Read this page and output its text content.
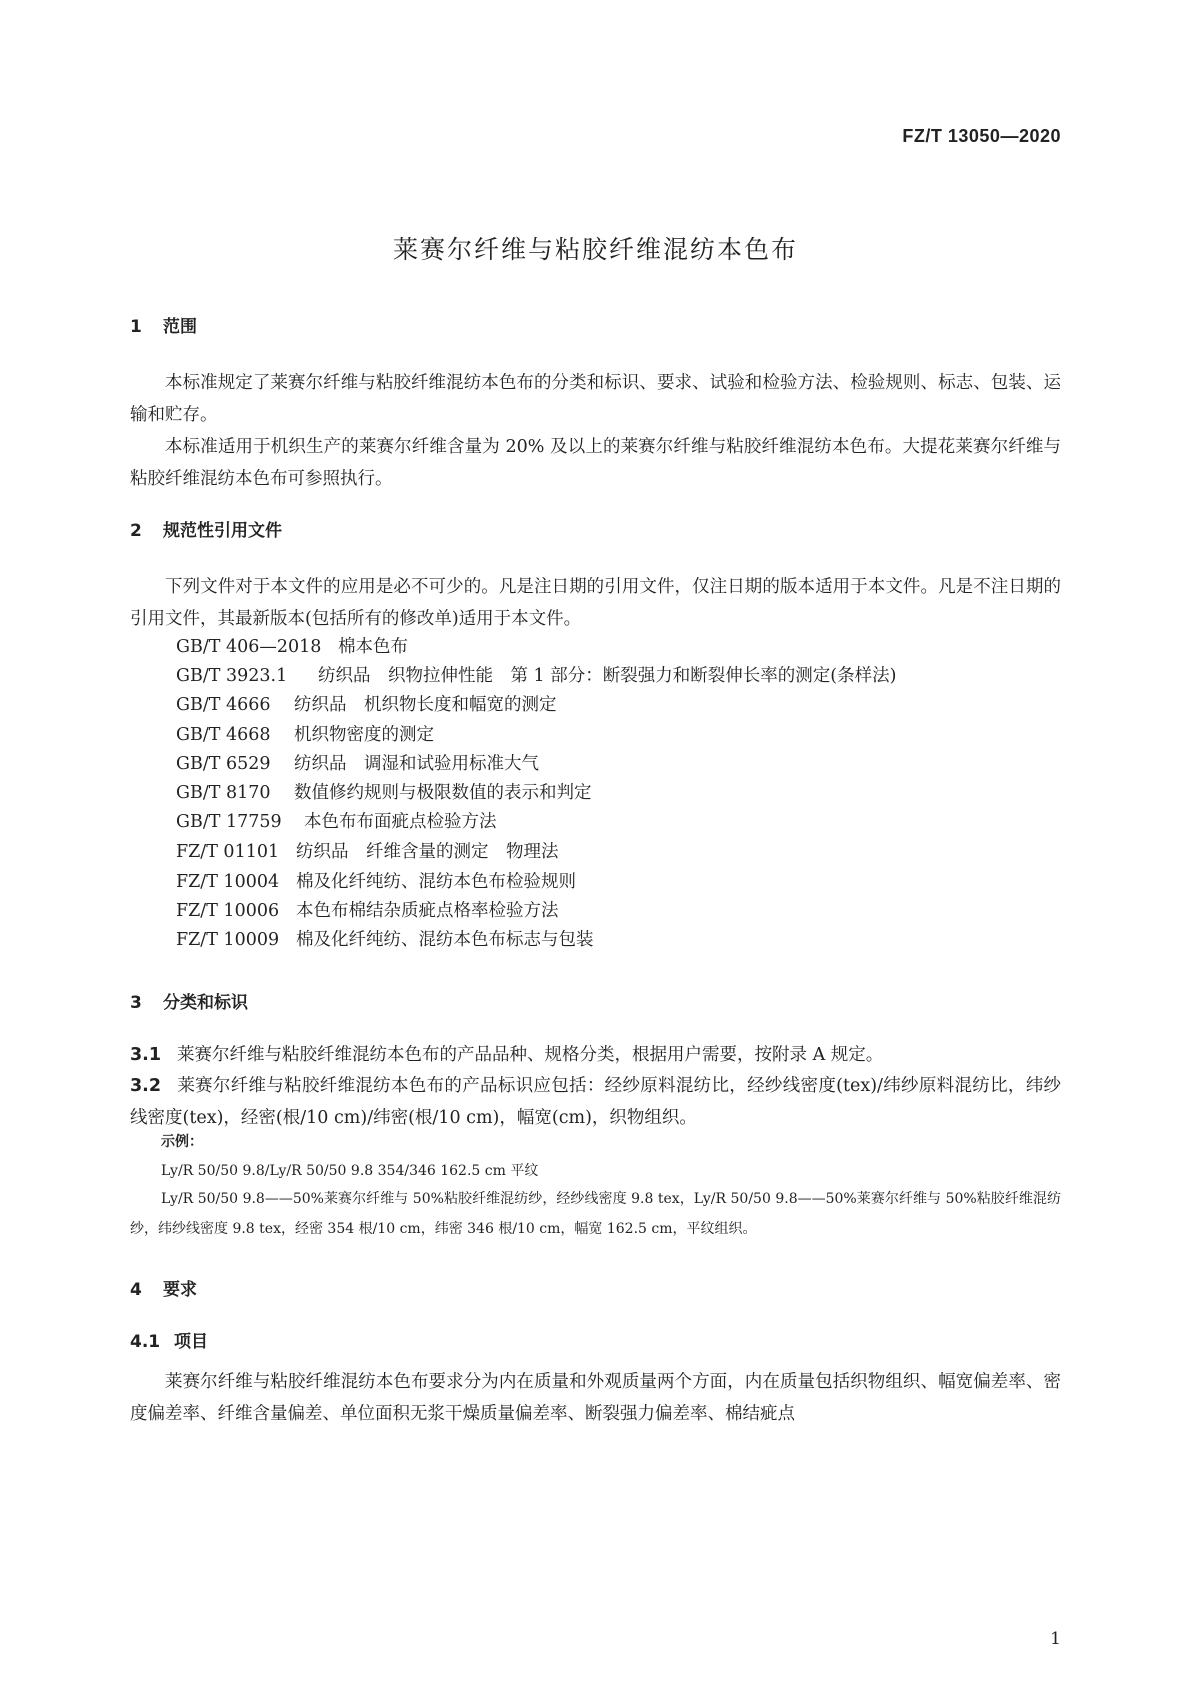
FZ/T 13050—2020
莱赛尔纤维与粘胶纤维混纺本色布
1 范围
本标准规定了莱赛尔纤维与粘胶纤维混纺本色布的分类和标识、要求、试验和检验方法、检验规则、标志、包装、运输和贮存。
本标准适用于机织生产的莱赛尔纤维含量为 20% 及以上的莱赛尔纤维与粘胶纤维混纺本色布。大提花莱赛尔纤维与粘胶纤维混纺本色布可参照执行。
2 规范性引用文件
下列文件对于本文件的应用是必不可少的。凡是注日期的引用文件，仅注日期的版本适用于本文件。凡是不注日期的引用文件，其最新版本(包括所有的修改单)适用于本文件。
GB/T 406—2018 棉本色布
GB/T 3923.1 纺织品　织物拉伸性能　第 1 部分：断裂强力和断裂伸长率的测定(条样法)
GB/T 4666 纺织品　机织物长度和幅宽的测定
GB/T 4668 机织物密度的测定
GB/T 6529 纺织品　调湿和试验用标准大气
GB/T 8170 数值修约规则与极限数值的表示和判定
GB/T 17759 本色布布面疵点检验方法
FZ/T 01101 纺织品　纤维含量的测定　物理法
FZ/T 10004 棉及化纤纯纺、混纺本色布检验规则
FZ/T 10006 本色布棉结杂质疵点格率检验方法
FZ/T 10009 棉及化纤纯纺、混纺本色布标志与包装
3 分类和标识
3.1 莱赛尔纤维与粘胶纤维混纺本色布的产品品种、规格分类，根据用户需要，按附录 A 规定。
3.2 莱赛尔纤维与粘胶纤维混纺本色布的产品标识应包括：经纱原料混纺比，经纱线密度(tex)/纬纱原料混纺比，纬纱线密度(tex)，经密(根/10 cm)/纬密(根/10 cm)，幅宽(cm)，织物组织。
示例：
Ly/R 50/50 9.8/Ly/R 50/50 9.8 354/346 162.5 cm 平纹
Ly/R 50/50 9.8——50%莱赛尔纤维与 50%粘胶纤维混纺纱，经纱线密度 9.8 tex，Ly/R 50/50 9.8——50%莱赛尔纤维与 50%粘胶纤维混纺纱，纬纱线密度 9.8 tex，经密 354 根/10 cm，纬密 346 根/10 cm，幅宽 162.5 cm，平纹组织。
4 要求
4.1 项目
莱赛尔纤维与粘胶纤维混纺本色布要求分为内在质量和外观质量两个方面，内在质量包括织物组织、幅宽偏差率、密度偏差率、纤维含量偏差、单位面积无浆干燥质量偏差率、断裂强力偏差率、棉结疵点
1
